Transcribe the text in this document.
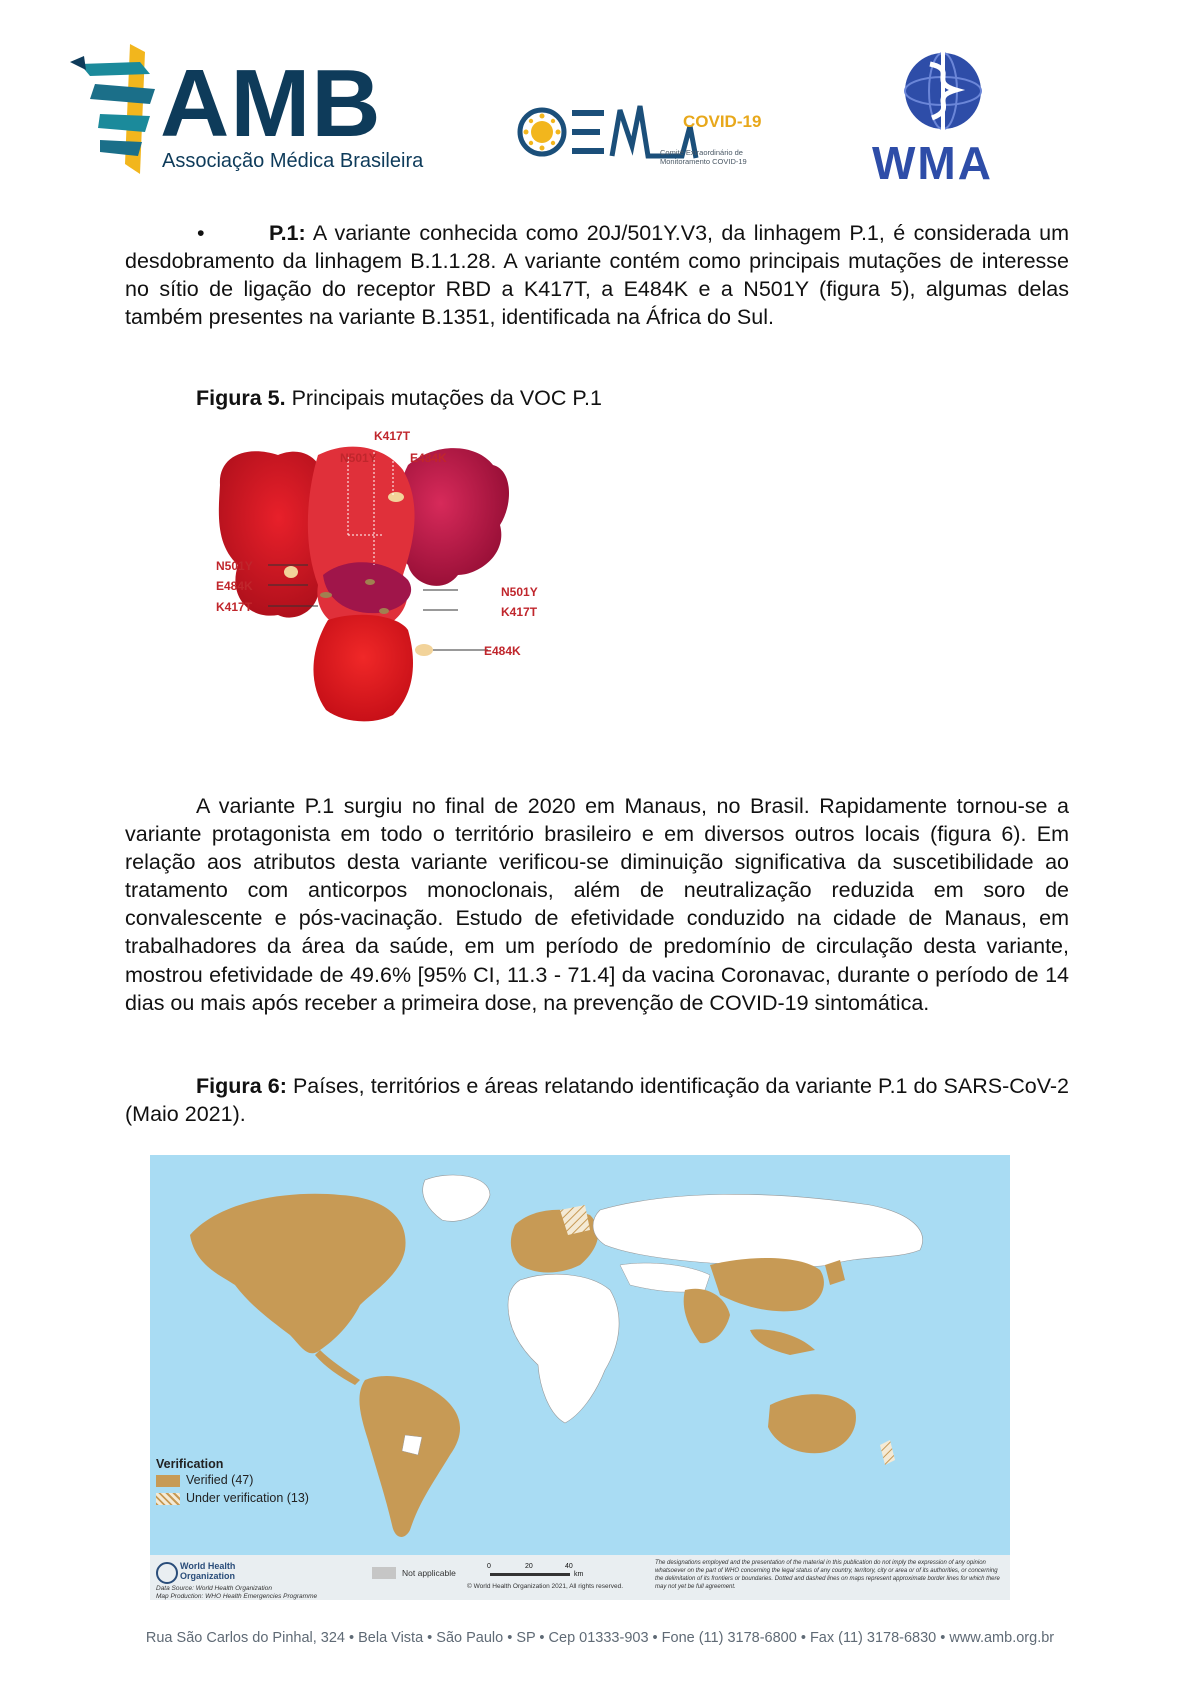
AMB
Associação Médica Brasileira
COVID-19
Comitê Extraordinário de Monitoramento COVID-19	WMA
•	P.1: A variante conhecida como 20J/501Y.V3, da linhagem P.1, é considerada um desdobramento da linhagem B.1.1.28. A variante contém como principais mutações de interesse no sítio de ligação do receptor RBD a K417T, a E484K e a N501Y (figura 5), algumas delas também presentes na variante B.1351, identificada na África do Sul.
Figura 5. Principais mutações da VOC P.1
K417T
N501Y	E484K
N501Y
E484K
K417T
N501Y
K417T
E484K
A variante P.1 surgiu no final de 2020 em Manaus, no Brasil. Rapidamente tornou-se a variante protagonista em todo o território brasileiro e em diversos outros locais (figura 6). Em relação aos atributos desta variante verificou-se diminuição significativa da suscetibilidade ao tratamento com anticorpos monoclonais, além de neutralização reduzida em soro de convalescente e pós-vacinação. Estudo de efetividade conduzido na cidade de Manaus, em trabalhadores da área da saúde, em um período de predomínio de circulação desta variante, mostrou efetividade de 49.6% [95% CI, 11.3 - 71.4] da vacina Coronavac, durante o período de 14 dias ou mais após receber a primeira dose, na prevenção de COVID-19 sintomática.
Figura 6: Países, territórios e áreas relatando identificação da variante P.1 do SARS-CoV-2 (Maio 2021).
Verification
Verified (47)
Under verification (13)
World Health Organization
Data Source: World Health Organization
Map Production: WHO Health Emergencies Programme
Not applicable
0	20	40
km
© World Health Organization 2021, All rights reserved.
The designations employed and the presentation of the material in this publication do not imply the expression of any opinion whatsoever on the part of WHO concerning the legal status of any country, territory, city or area or of its authorities, or concerning the delimitation of its frontiers or boundaries. Dotted and dashed lines on maps represent approximate border lines for which there may not yet be full agreement.
Rua São Carlos do Pinhal, 324 • Bela Vista • São Paulo • SP • Cep 01333-903 • Fone (11) 3178-6800 • Fax (11) 3178-6830 • www.amb.org.br
